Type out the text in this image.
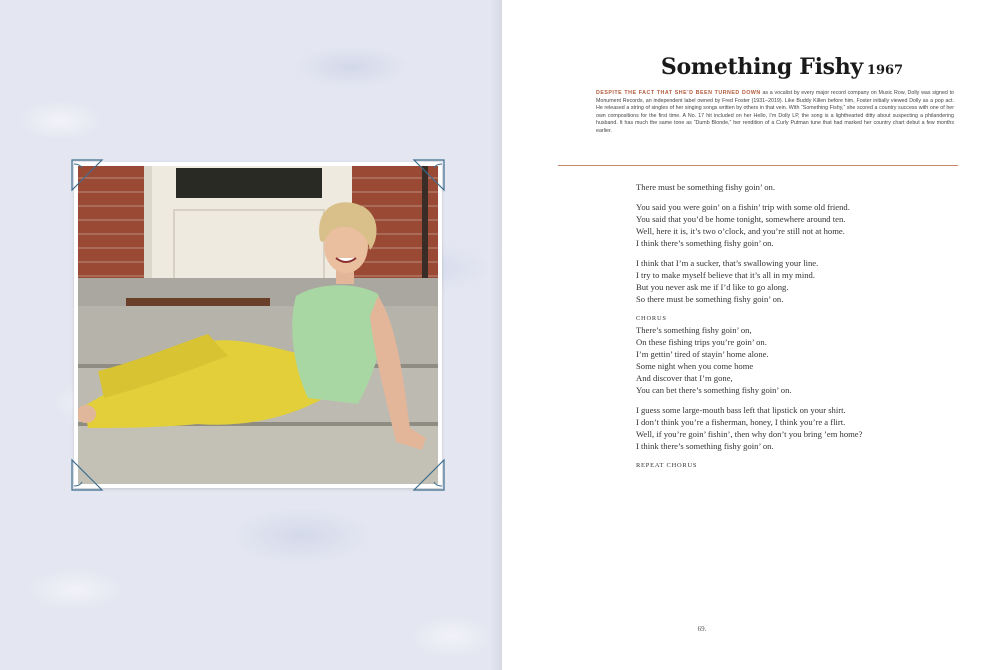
Something Fishy 1967

DESPITE THE FACT THAT SHE’D BEEN TURNED DOWN as a vocalist by every major record company on Music Row, Dolly was signed to Monument Records, an independent label owned by Fred Foster (1931–2019). Like Buddy Killen before him, Foster initially viewed Dolly as a pop act. He released a string of singles of her singing songs written by others in that vein. With “Something Fishy,” she scored a country success with one of her own compositions for the first time. A No. 17 hit included on her Hello, I’m Dolly LP, the song is a lighthearted ditty about suspecting a philandering husband. It has much the same tone as “Dumb Blonde,” her rendition of a Curly Putman tune that had marked her country chart debut a few months earlier.

There must be something fishy goin’ on.
You said you were goin’ on a fishin’ trip with some old friend.
You said that you’d be home tonight, somewhere around ten.
Well, here it is, it’s two o’clock, and you’re still not at home.
I think there’s something fishy goin’ on.
I think that I’m a sucker, that’s swallowing your line.
I try to make myself believe that it’s all in my mind.
But you never ask me if I’d like to go along.
So there must be something fishy goin’ on.
CHORUS
There’s something fishy goin’ on,
On these fishing trips you’re goin’ on.
I’m gettin’ tired of stayin’ home alone.
Some night when you come home
And discover that I’m gone,
You can bet there’s something fishy goin’ on.
I guess some large-mouth bass left that lipstick on your shirt.
I don’t think you’re a fisherman, honey, I think you’re a flirt.
Well, if you’re goin’ fishin’, then why don’t you bring ’em home?
I think there’s something fishy goin’ on.
REPEAT CHORUS
69.
